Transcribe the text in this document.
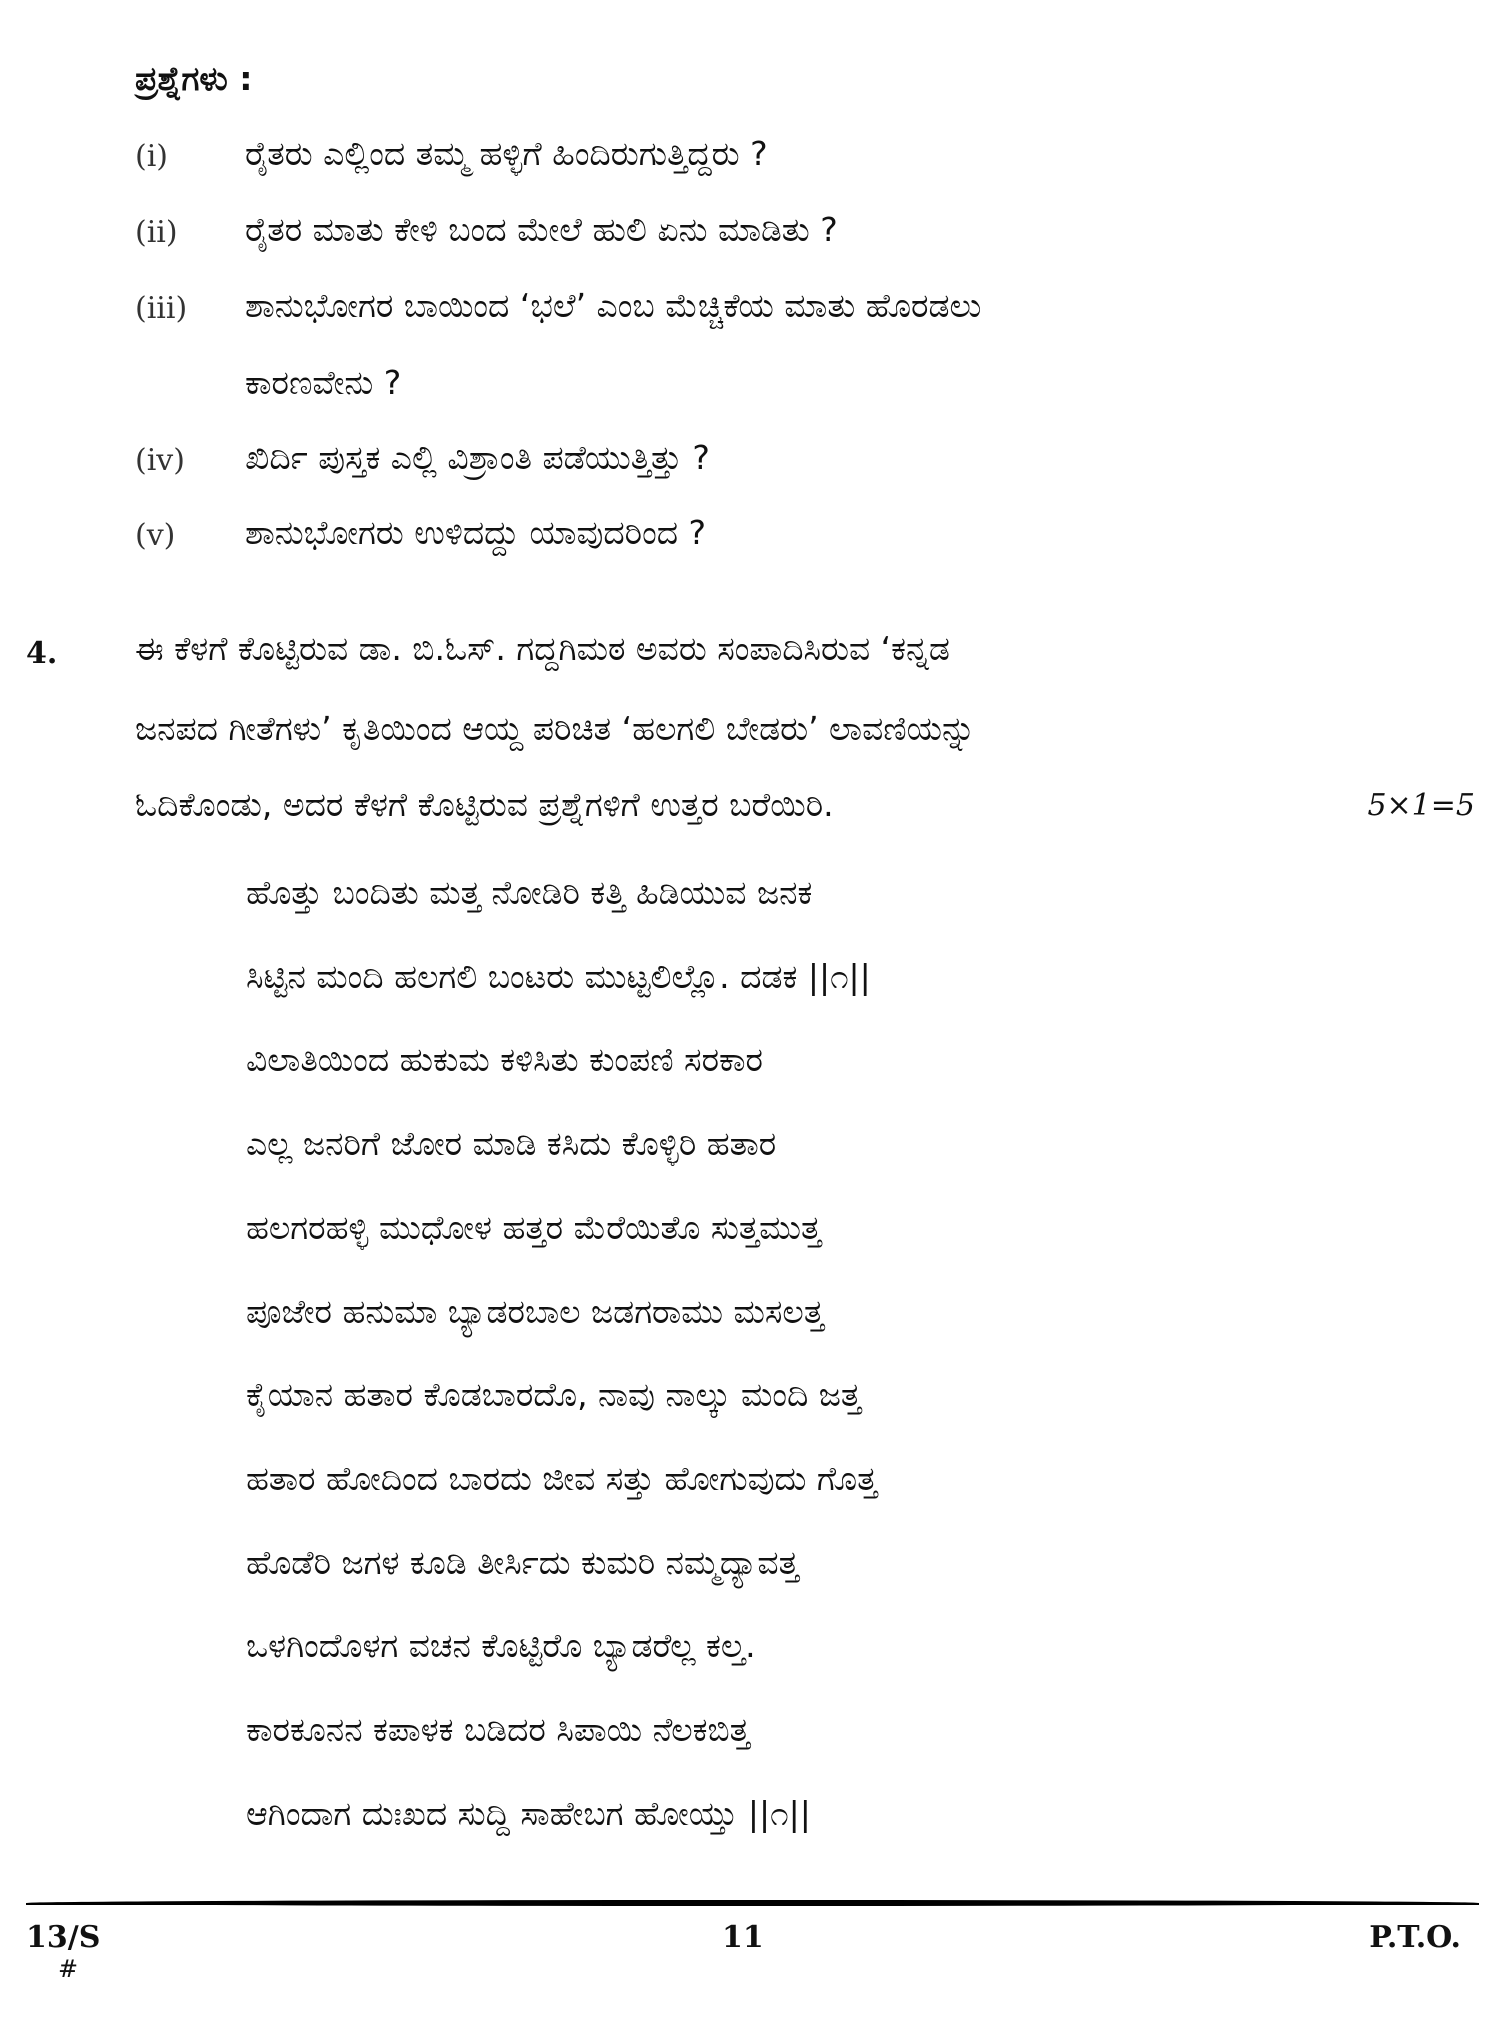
ಪ್ರಶ್ನೆಗಳು :
(i) ರೈತರು ಎಲ್ಲಿಂದ ತಮ್ಮ ಹಳ್ಳಿಗೆ ಹಿಂದಿರುಗುತ್ತಿದ್ದರು ?
(ii) ರೈತರ ಮಾತು ಕೇಳಿ ಬಂದ ಮೇಲೆ ಹುಲಿ ಏನು ಮಾಡಿತು ?
(iii) ಶಾನುಭೋಗರ ಬಾಯಿಂದ ‘ಭಲೆ’ ಎಂಬ ಮೆಚ್ಚಿಕೆಯ ಮಾತು ಹೊರಡಲು
ಕಾರಣವೇನು ?
(iv) ಖಿರ್ದಿ ಪುಸ್ತಕ ಎಲ್ಲಿ ವಿಶ್ರಾಂತಿ ಪಡೆಯುತ್ತಿತ್ತು ?
(v) ಶಾನುಭೋಗರು ಉಳಿದದ್ದು ಯಾವುದರಿಂದ ?
4. ಈ ಕೆಳಗೆ ಕೊಟ್ಟಿರುವ ಡಾ. ಬಿ.ಓಸ್. ಗದ್ದಗಿಮಠ ಅವರು ಸಂಪಾದಿಸಿರುವ ‘ಕನ್ನಡ
ಜನಪದ ಗೀತೆಗಳು’ ಕೃತಿಯಿಂದ ಆಯ್ದ ಪರಿಚಿತ ‘ಹಲಗಲಿ ಬೇಡರು’ ಲಾವಣಿಯನ್ನು
ಓದಿಕೊಂಡು, ಅದರ ಕೆಳಗೆ ಕೊಟ್ಟಿರುವ ಪ್ರಶ್ನೆಗಳಿಗೆ ಉತ್ತರ ಬರೆಯಿರಿ.	5×1=5
ಹೊತ್ತು ಬಂದಿತು ಮತ್ತ ನೋಡಿರಿ ಕತ್ತಿ ಹಿಡಿಯುವ ಜನಕ
ಸಿಟ್ಟಿನ ಮಂದಿ ಹಲಗಲಿ ಬಂಟರು ಮುಟ್ಟಲಿಲ್ಲೊ. ದಡಕ ||೧||
ವಿಲಾತಿಯಿಂದ ಹುಕುಮ ಕಳಿಸಿತು ಕುಂಪಣಿ ಸರಕಾರ
ಎಲ್ಲ ಜನರಿಗೆ ಜೋರ ಮಾಡಿ ಕಸಿದು ಕೊಳ್ಳಿರಿ ಹತಾರ
ಹಲಗರಹಳ್ಳಿ ಮುಧೋಳ ಹತ್ತರ ಮೆರೆಯಿತೊ ಸುತ್ತಮುತ್ತ
ಪೂಜೇರ ಹನುಮಾ ಬ್ಯಾಡರಬಾಲ ಜಡಗರಾಮು ಮಸಲತ್ತ
ಕೈಯಾನ ಹತಾರ ಕೊಡಬಾರದೊ, ನಾವು ನಾಲ್ಕು ಮಂದಿ ಜತ್ತ
ಹತಾರ ಹೋದಿಂದ ಬಾರದು ಜೀವ ಸತ್ತು ಹೋಗುವುದು ಗೊತ್ತ
ಹೊಡೆರಿ ಜಗಳ ಕೂಡಿ ತೀರ್ಸಿದು ಕುಮರಿ ನಮ್ಮದ್ಯಾವತ್ತ
ಒಳಗಿಂದೊಳಗ ವಚನ ಕೊಟ್ಟಿರೊ ಬ್ಯಾಡರೆಲ್ಲ ಕಲ್ತ.
ಕಾರಕೂನನ ಕಪಾಳಕ ಬಡಿದರ ಸಿಪಾಯಿ ನೆಲಕಬಿತ್ತ
ಆಗಿಂದಾಗ ದುಃಖದ ಸುದ್ದಿ ಸಾಹೇಬಗ ಹೋಯ್ತು ||೧||
13/S
#
11	P.T.O.
